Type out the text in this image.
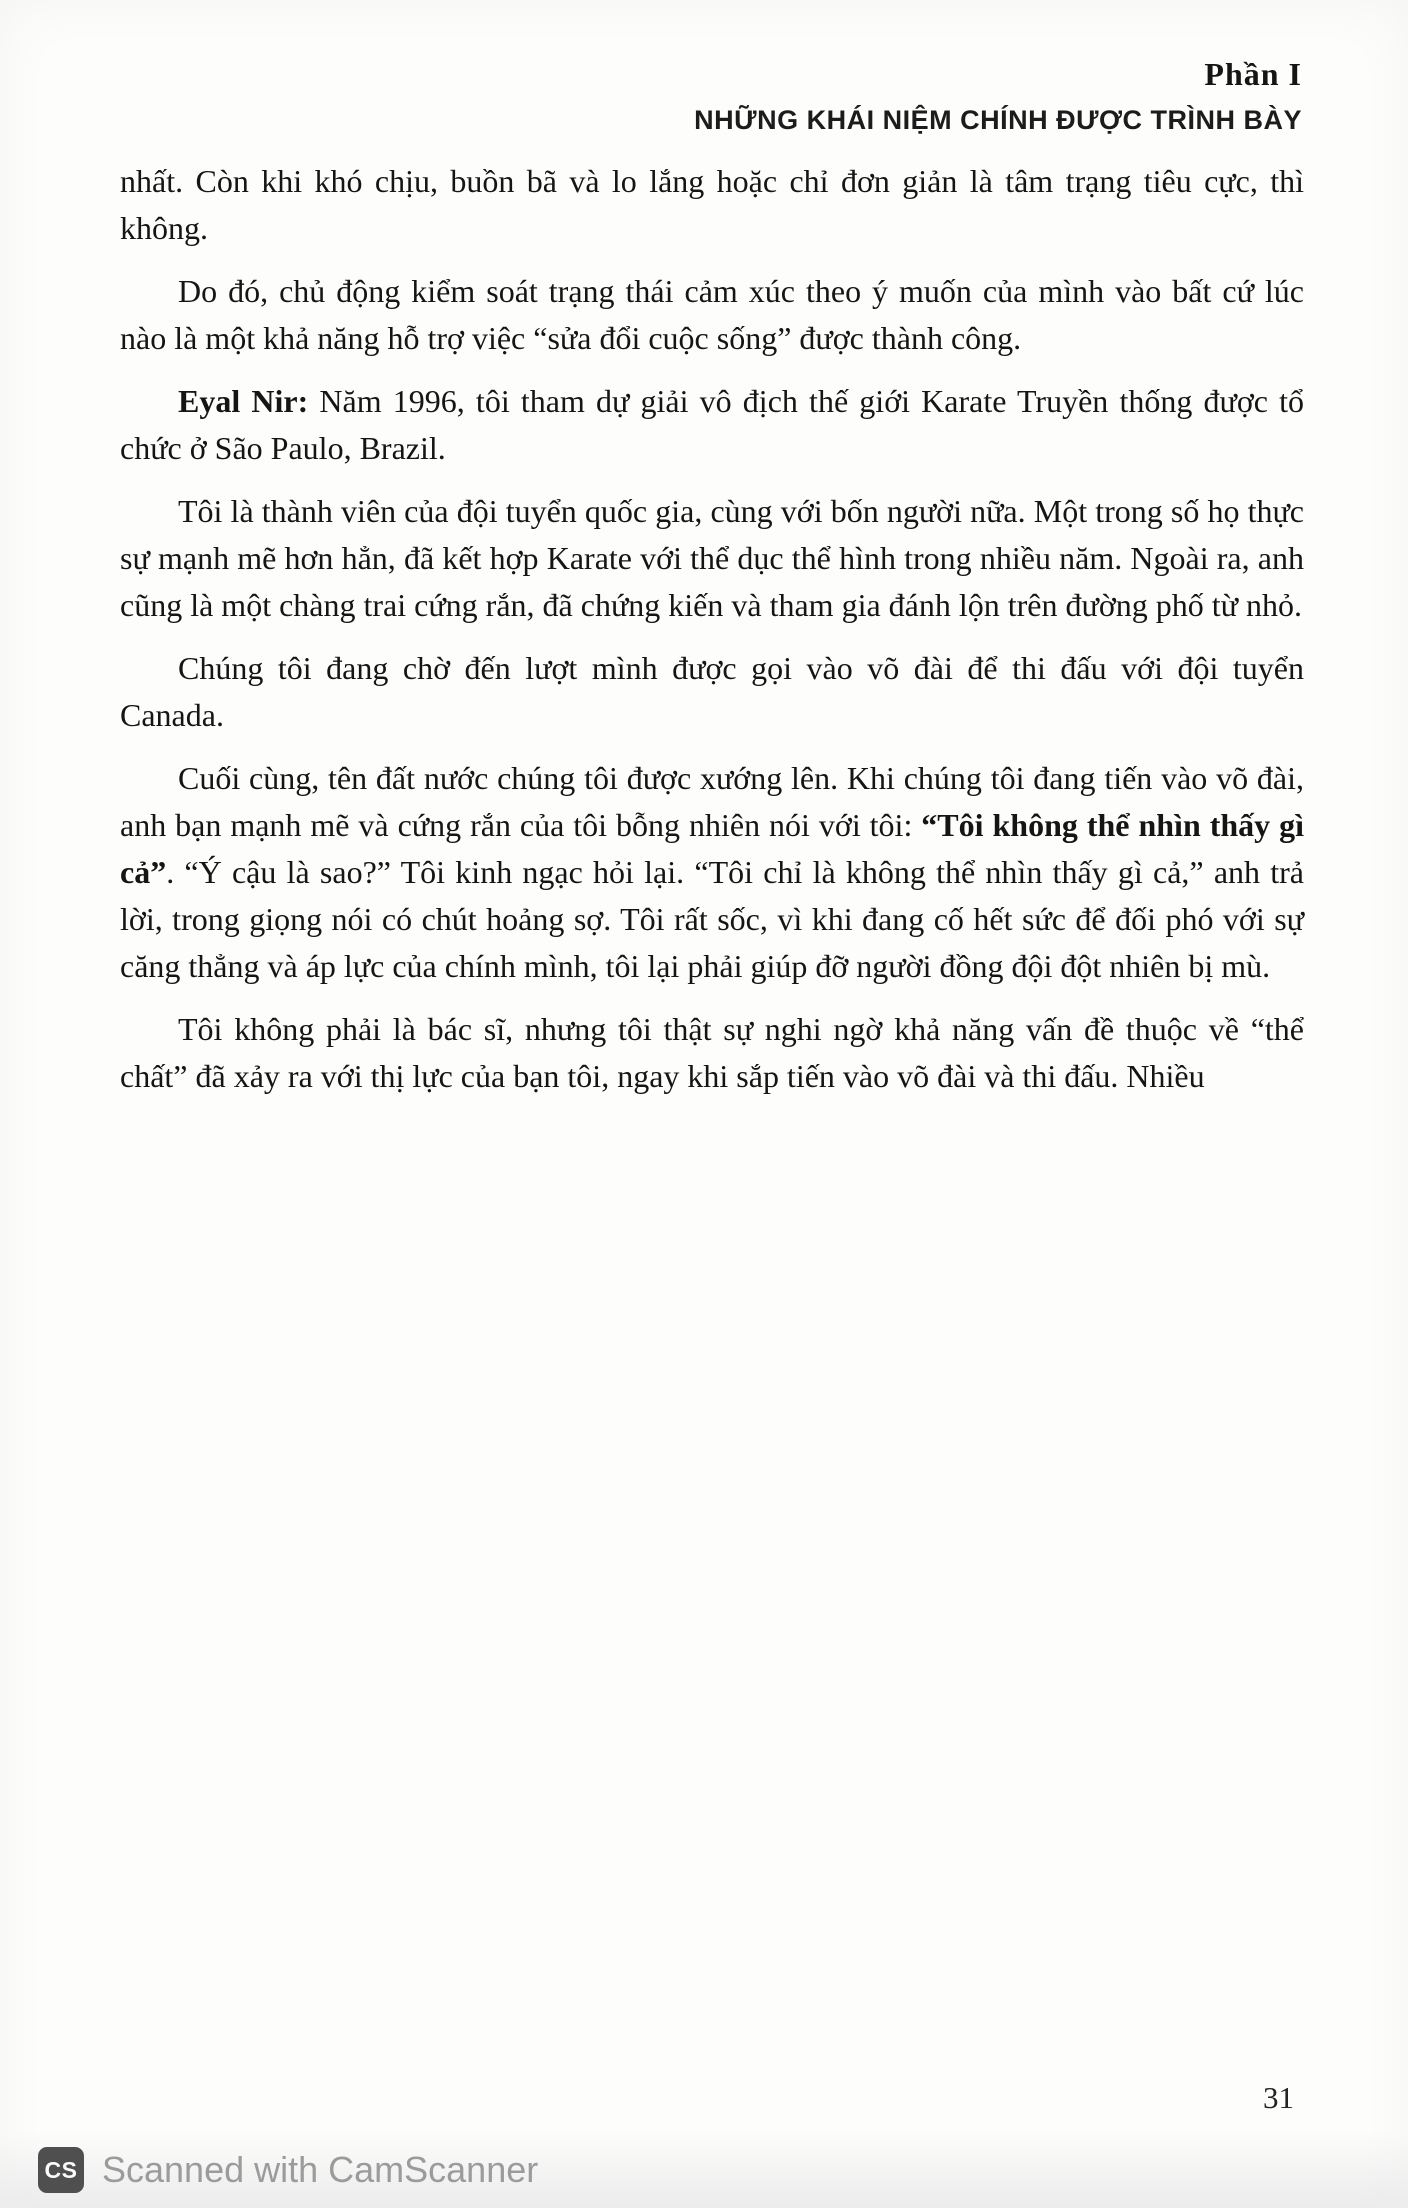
Phần I
NHỮNG KHÁI NIỆM CHÍNH ĐƯỢC TRÌNH BÀY

nhất. Còn khi khó chịu, buồn bã và lo lắng hoặc chỉ đơn giản là tâm trạng tiêu cực, thì không.

Do đó, chủ động kiểm soát trạng thái cảm xúc theo ý muốn của mình vào bất cứ lúc nào là một khả năng hỗ trợ việc “sửa đổi cuộc sống” được thành công.

Eyal Nir: Năm 1996, tôi tham dự giải vô địch thế giới Karate Truyền thống được tổ chức ở São Paulo, Brazil.

Tôi là thành viên của đội tuyển quốc gia, cùng với bốn người nữa. Một trong số họ thực sự mạnh mẽ hơn hẳn, đã kết hợp Karate với thể dục thể hình trong nhiều năm. Ngoài ra, anh cũng là một chàng trai cứng rắn, đã chứng kiến và tham gia đánh lộn trên đường phố từ nhỏ.

Chúng tôi đang chờ đến lượt mình được gọi vào võ đài để thi đấu với đội tuyển Canada.

Cuối cùng, tên đất nước chúng tôi được xướng lên. Khi chúng tôi đang tiến vào võ đài, anh bạn mạnh mẽ và cứng rắn của tôi bỗng nhiên nói với tôi: “Tôi không thể nhìn thấy gì cả”. “Ý cậu là sao?” Tôi kinh ngạc hỏi lại. “Tôi chỉ là không thể nhìn thấy gì cả,” anh trả lời, trong giọng nói có chút hoảng sợ. Tôi rất sốc, vì khi đang cố hết sức để đối phó với sự căng thẳng và áp lực của chính mình, tôi lại phải giúp đỡ người đồng đội đột nhiên bị mù.

Tôi không phải là bác sĩ, nhưng tôi thật sự nghi ngờ khả năng vấn đề thuộc về “thể chất” đã xảy ra với thị lực của bạn tôi, ngay khi sắp tiến vào võ đài và thi đấu. Nhiều

31
CS Scanned with CamScanner
